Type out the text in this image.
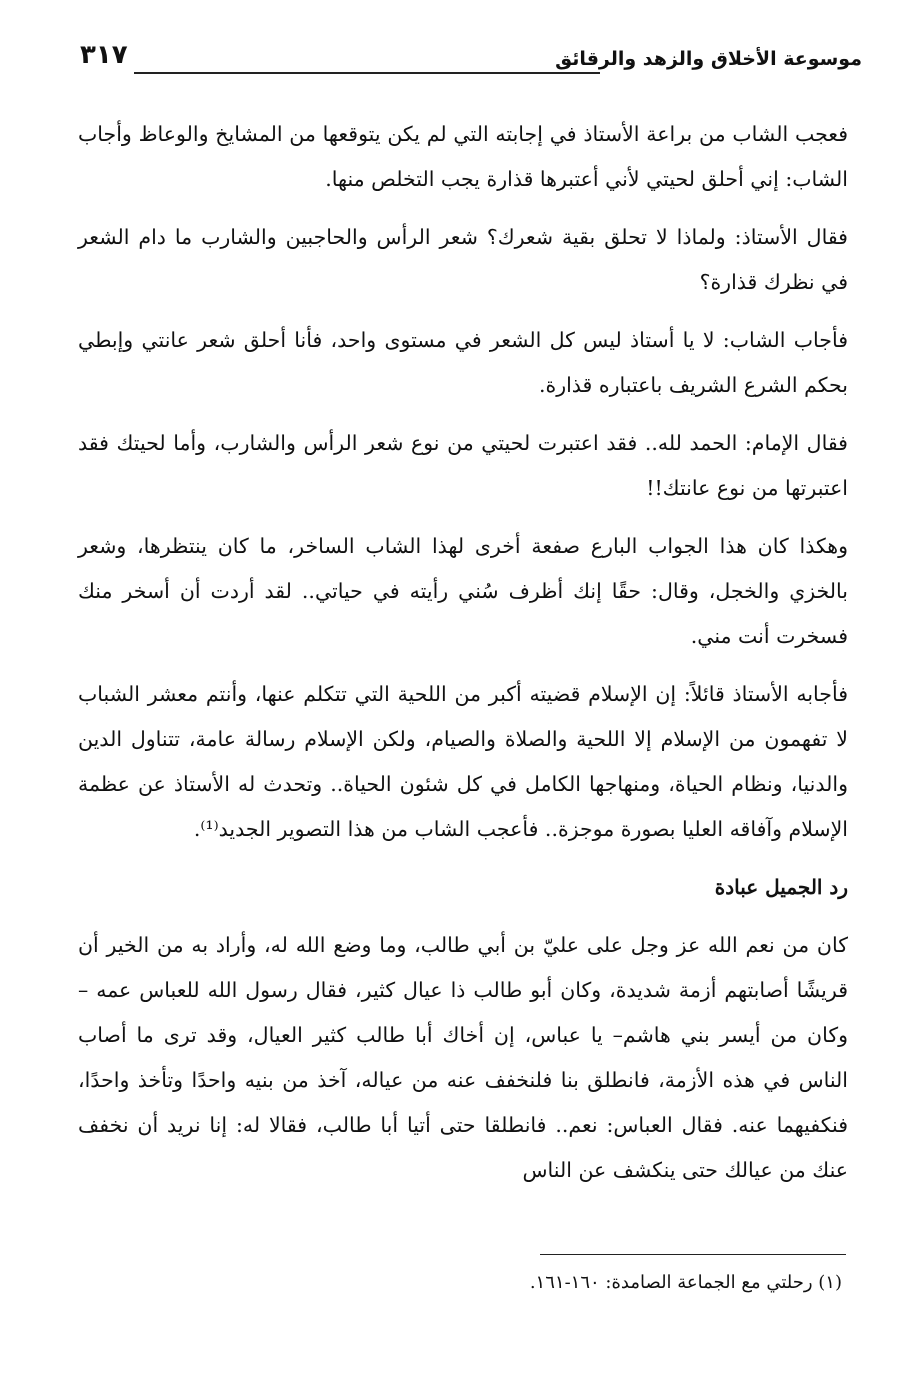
موسوعة الأخلاق والزهد والرقائق
٣١٧

فعجب الشاب من براعة الأستاذ في إجابته التي لم يكن يتوقعها من المشايخ والوعاظ وأجاب الشاب: إني أحلق لحيتي لأني أعتبرها قذارة يجب التخلص منها.

فقال الأستاذ: ولماذا لا تحلق بقية شعرك؟ شعر الرأس والحاجبين والشارب ما دام الشعر في نظرك قذارة؟

فأجاب الشاب: لا يا أستاذ ليس كل الشعر في مستوى واحد، فأنا أحلق شعر عانتي وإبطي بحكم الشرع الشريف باعتباره قذارة.

فقال الإمام: الحمد لله.. فقد اعتبرت لحيتي من نوع شعر الرأس والشارب، وأما لحيتك فقد اعتبرتها من نوع عانتك!!

وهكذا كان هذا الجواب البارع صفعة أخرى لهذا الشاب الساخر، ما كان ينتظرها، وشعر بالخزي والخجل، وقال: حقًا إنك أظرف سُني رأيته في حياتي.. لقد أردت أن أسخر منك فسخرت أنت مني.

فأجابه الأستاذ قائلاً: إن الإسلام قضيته أكبر من اللحية التي تتكلم عنها، وأنتم معشر الشباب لا تفهمون من الإسلام إلا اللحية والصلاة والصيام، ولكن الإسلام رسالة عامة، تتناول الدين والدنيا، ونظام الحياة، ومنهاجها الكامل في كل شئون الحياة.. وتحدث له الأستاذ عن عظمة الإسلام وآفاقه العليا بصورة موجزة.. فأعجب الشاب من هذا التصوير الجديد⁽¹⁾.

رد الجميل عبادة

كان من نعم الله عز وجل على عليّ بن أبي طالب، وما وضع الله له، وأراد به من الخير أن قريشًا أصابتهم أزمة شديدة، وكان أبو طالب ذا عيال كثير، فقال رسول الله للعباس عمه –وكان من أيسر بني هاشم– يا عباس، إن أخاك أبا طالب كثير العيال، وقد ترى ما أصاب الناس في هذه الأزمة، فانطلق بنا فلنخفف عنه من عياله، آخذ من بنيه واحدًا وتأخذ واحدًا، فنكفيهما عنه. فقال العباس: نعم.. فانطلقا حتى أتيا أبا طالب، فقالا له: إنا نريد أن نخفف عنك من عيالك حتى ينكشف عن الناس

(١) رحلتي مع الجماعة الصامدة: ١٦٠-١٦١.
